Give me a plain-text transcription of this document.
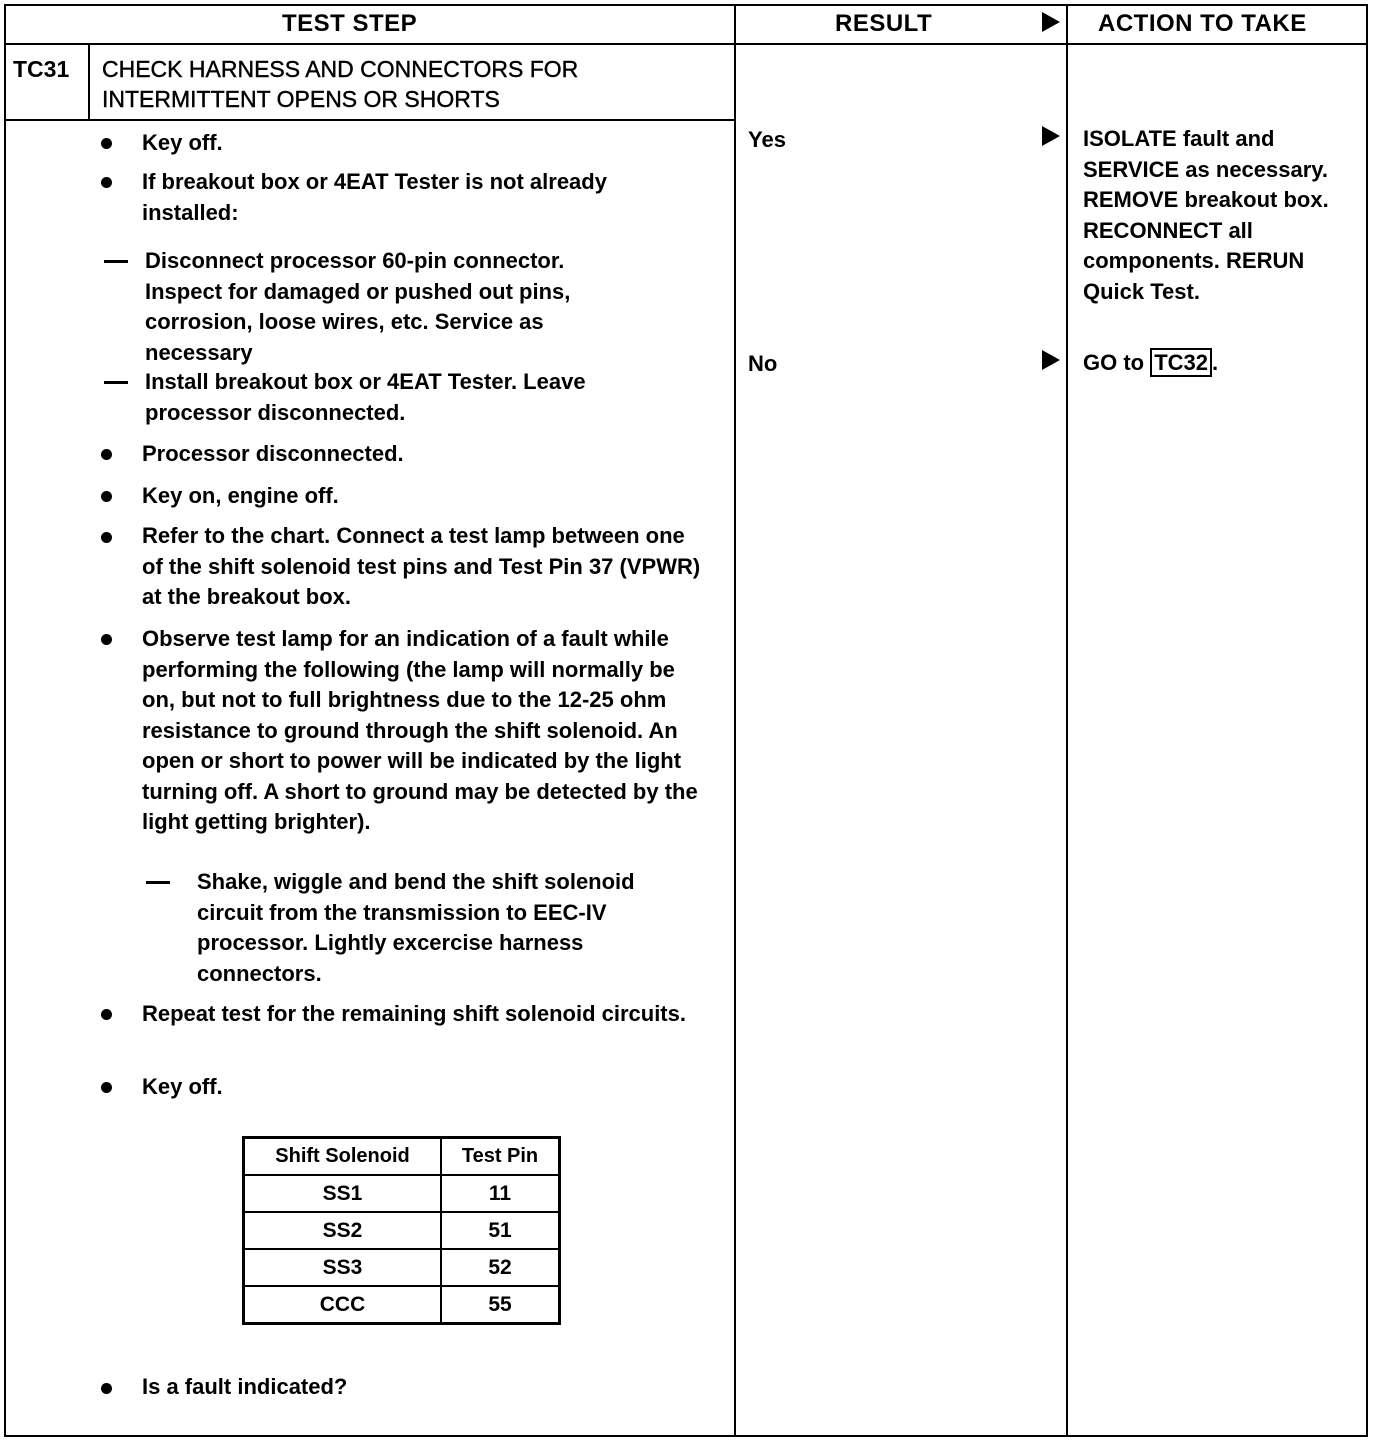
TEST STEP	RESULT	ACTION TO TAKE
TC31 CHECK HARNESS AND CONNECTORS FOR
INTERMITTENT OPENS OR SHORTS
Key off.
If breakout box or 4EAT Tester is not already installed:
Disconnect processor 60-pin connector. Inspect for damaged or pushed out pins, corrosion, loose wires, etc. Service as necessary
Install breakout box or 4EAT Tester. Leave processor disconnected.
Processor disconnected.
Key on, engine off.
Refer to the chart. Connect a test lamp between one of the shift solenoid test pins and Test Pin 37 (VPWR) at the breakout box.
Observe test lamp for an indication of a fault while performing the following (the lamp will normally be on, but not to full brightness due to the 12-25 ohm resistance to ground through the shift solenoid. An open or short to power will be indicated by the light turning off. A short to ground may be detected by the light getting brighter).
Shake, wiggle and bend the shift solenoid circuit from the transmission to EEC-IV processor. Lightly excercise harness connectors.
Repeat test for the remaining shift solenoid circuits.
Key off.
Shift Solenoid	Test Pin
SS1	11
SS2	51
SS3	52
CCC	55
Is a fault indicated?
Yes	ISOLATE fault and SERVICE as necessary. REMOVE breakout box. RECONNECT all components. RERUN Quick Test.
No	GO to TC32 .
